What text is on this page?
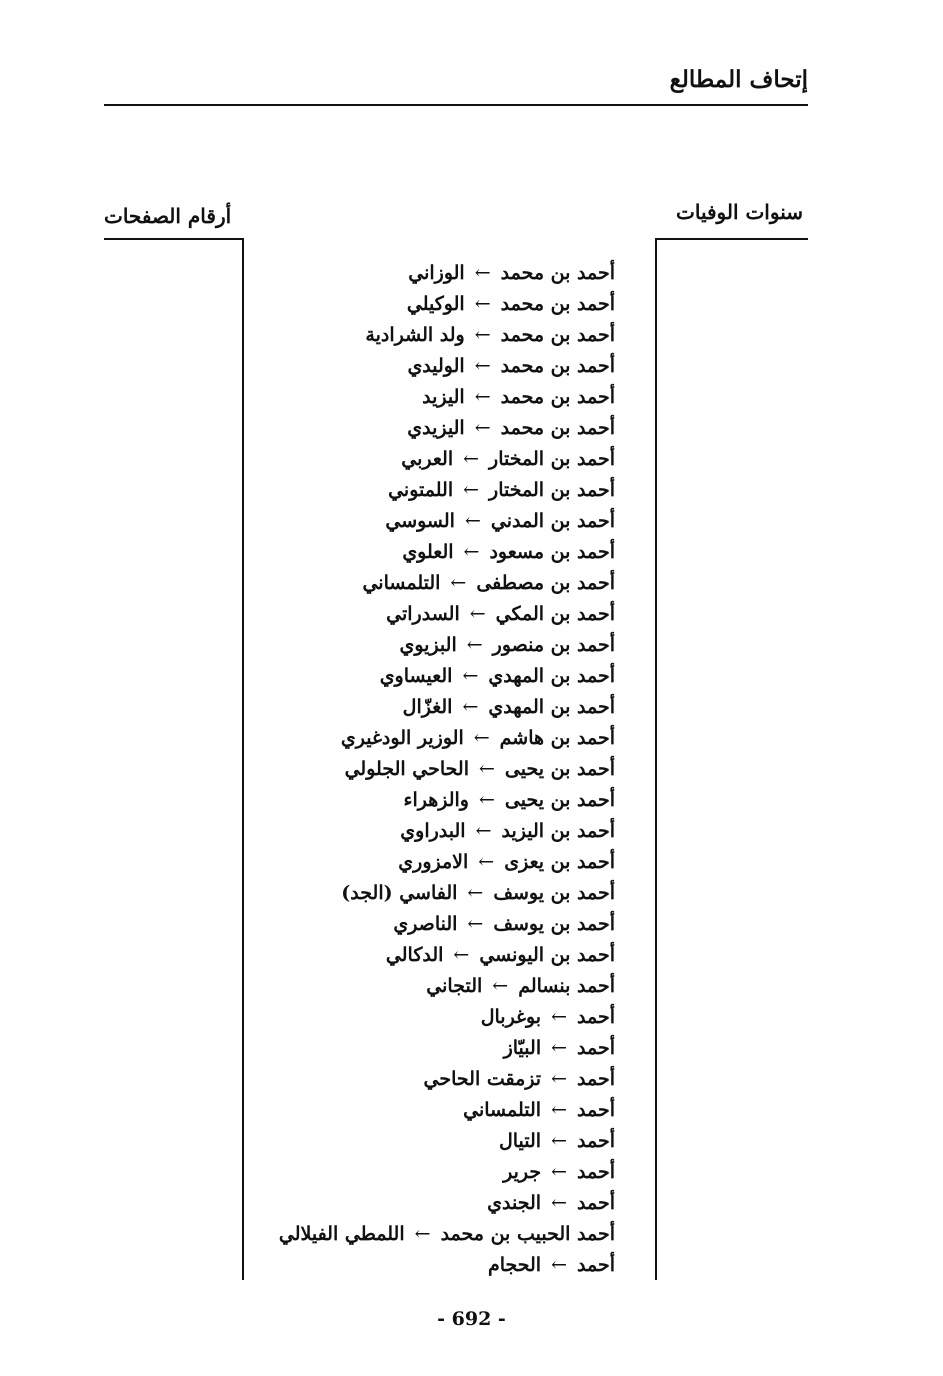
إتحاف المطالع
سنوات الوفيات
أرقام الصفحات
أحمد بن محمد←الوزاني
أحمد بن محمد←الوكيلي
أحمد بن محمد←ولد الشرادية
أحمد بن محمد←الوليدي
أحمد بن محمد←اليزيد
أحمد بن محمد←اليزيدي
أحمد بن المختار←العربي
أحمد بن المختار←اللمتوني
أحمد بن المدني←السوسي
أحمد بن مسعود←العلوي
أحمد بن مصطفى←التلمساني
أحمد بن المكي←السدراتي
أحمد بن منصور←البزيوي
أحمد بن المهدي←العيساوي
أحمد بن المهدي←الغزّال
أحمد بن هاشم←الوزير الودغيري
أحمد بن يحيى←الحاحي الجلولي
أحمد بن يحيى←والزهراء
أحمد بن اليزيد←البدراوي
أحمد بن يعزى←الامزوري
أحمد بن يوسف←الفاسي (الجد)
أحمد بن يوسف←الناصري
أحمد بن اليونسي←الدكالي
أحمد بنسالم←التجاني
أحمد←بوغربال
أحمد←البيّاز
أحمد←تزمقت الحاحي
أحمد←التلمساني
أحمد←التيال
أحمد←جرير
أحمد←الجندي
أحمد الحبيب بن محمد←اللمطي الفيلالي
أحمد←الحجام
- 692 -
